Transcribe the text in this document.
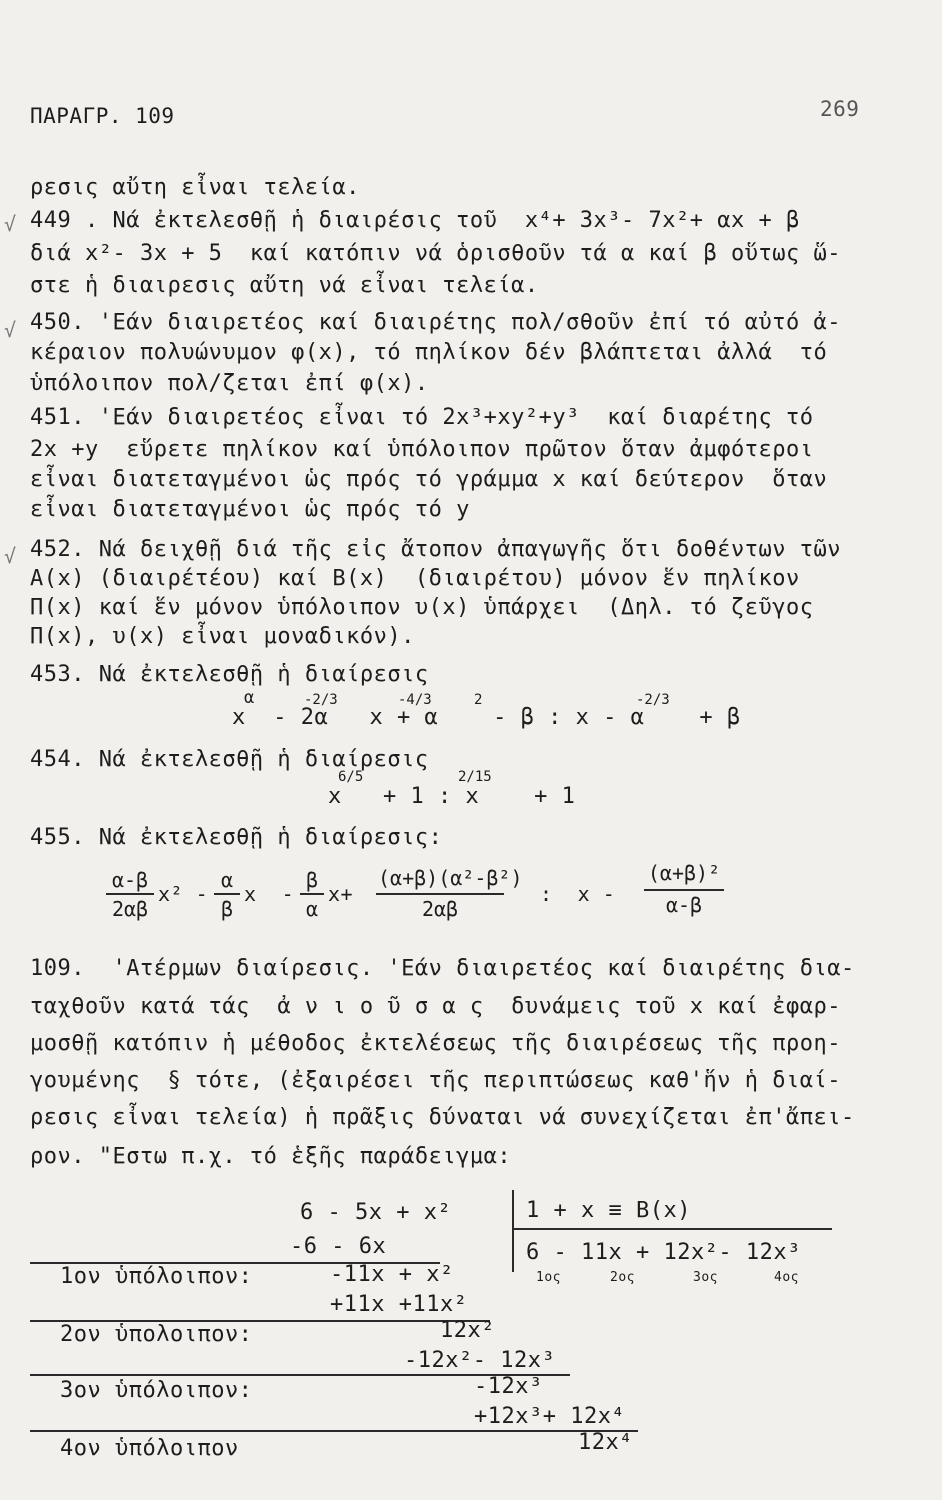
ΠΑΡΑΓΡ. 109	269
ρεσις αὔτη εἶναι τελεία.
√ 449 . Νά ἐκτελεσθῇ ἡ διαιρέσις τοῦ  x⁴+ 3x³- 7x²+ αx + β
διά x²- 3x + 5  καί κατόπιν νά ὁρισθοῦν τά α καί β οὕτως ὥ-
στε ἡ διαιρεσις αὔτη νά εἶναι τελεία.
√ 450. 'Εάν διαιρετέος καί διαιρέτης πολ/σθοῦν ἐπί τό αὐτό ἀ-
κέραιον πολυώνυμον φ(x), τό πηλίκον δέν βλάπτεται ἀλλά  τό
ὑπόλοιπον πολ/ζεται ἐπί φ(x).
451. 'Εάν διαιρετέος εἶναι τό 2x³+xy²+y³  καί διαρέτης τό
2x +y  εὕρετε πηλίκον καί ὑπόλοιπον πρῶτον ὅταν ἀμφότεροι
εἶναι διατεταγμένοι ὡς πρός τό γράμμα x καί δεύτερον  ὅταν
εἶναι διατεταγμένοι ὡς πρός τό y
√ 452. Νά δειχθῇ διά τῆς εἰς ἄτοπον ἀπαγωγῆς ὅτι δοθέντων τῶν
Α(x) (διαιρέτέου) καί Β(x)  (διαιρέτου) μόνον ἕν πηλίκον
Π(x) καί ἕν μόνον ὑπόλοιπον υ(x) ὑπάρχει  (Δηλ. τό ζεῦγος
Π(x), υ(x) εἶναι μοναδικόν).
453. Νά ἐκτελεσθῇ ἡ διαίρεσις
x  - 2α   x + α    - β : x - α    + β
α	-2/3	-4/3	2	-2/3
454. Νά ἐκτελεσθῇ ἡ διαίρεσις
x   + 1 : x    + 1
6/5	2/15
455. Νά ἐκτελεσθῇ ἡ διαίρεσις:
α-β
2αβ
x² -
α
β
x  -
β
α
x+
(α+β)(α²-β²)
2αβ
:  x -
(α+β)²
α-β
109.  'Ατέρμων διαίρεσις. 'Εάν διαιρετέος καί διαιρέτης δια-
ταχθοῦν κατά τάς  ἀ ν ι ο ῦ σ α ς  δυνάμεις τοῦ x καί ἐφαρ-
μοσθῇ κατόπιν ἡ μέθοδος ἐκτελέσεως τῆς διαιρέσεως τῆς προη-
γουμένης  § τότε, (ἐξαιρέσει τῆς περιπτώσεως καθ'ἥν ἡ διαί-
ρεσις εἶναι τελεία) ἡ πρᾶξις δύναται νά συνεχίζεται ἐπ'ἄπει-
ρον. "Εστω π.χ. τό ἑξῆς παράδειγμα:
6 - 5x + x²	1 + x ≡ Β(x)
6 - 11x + 12x²- 12x³
1ος	2ος	3ος	4ος
-6 - 6x
1ον ὑπόλοιπον:	-11x + x²
+11x +11x²
2ον ὑπολοιπον:	12x²
-12x²- 12x³
3ον ὑπόλοιπον:	-12x³
+12x³+ 12x⁴
4ον ὑπόλοιπον	12x⁴
